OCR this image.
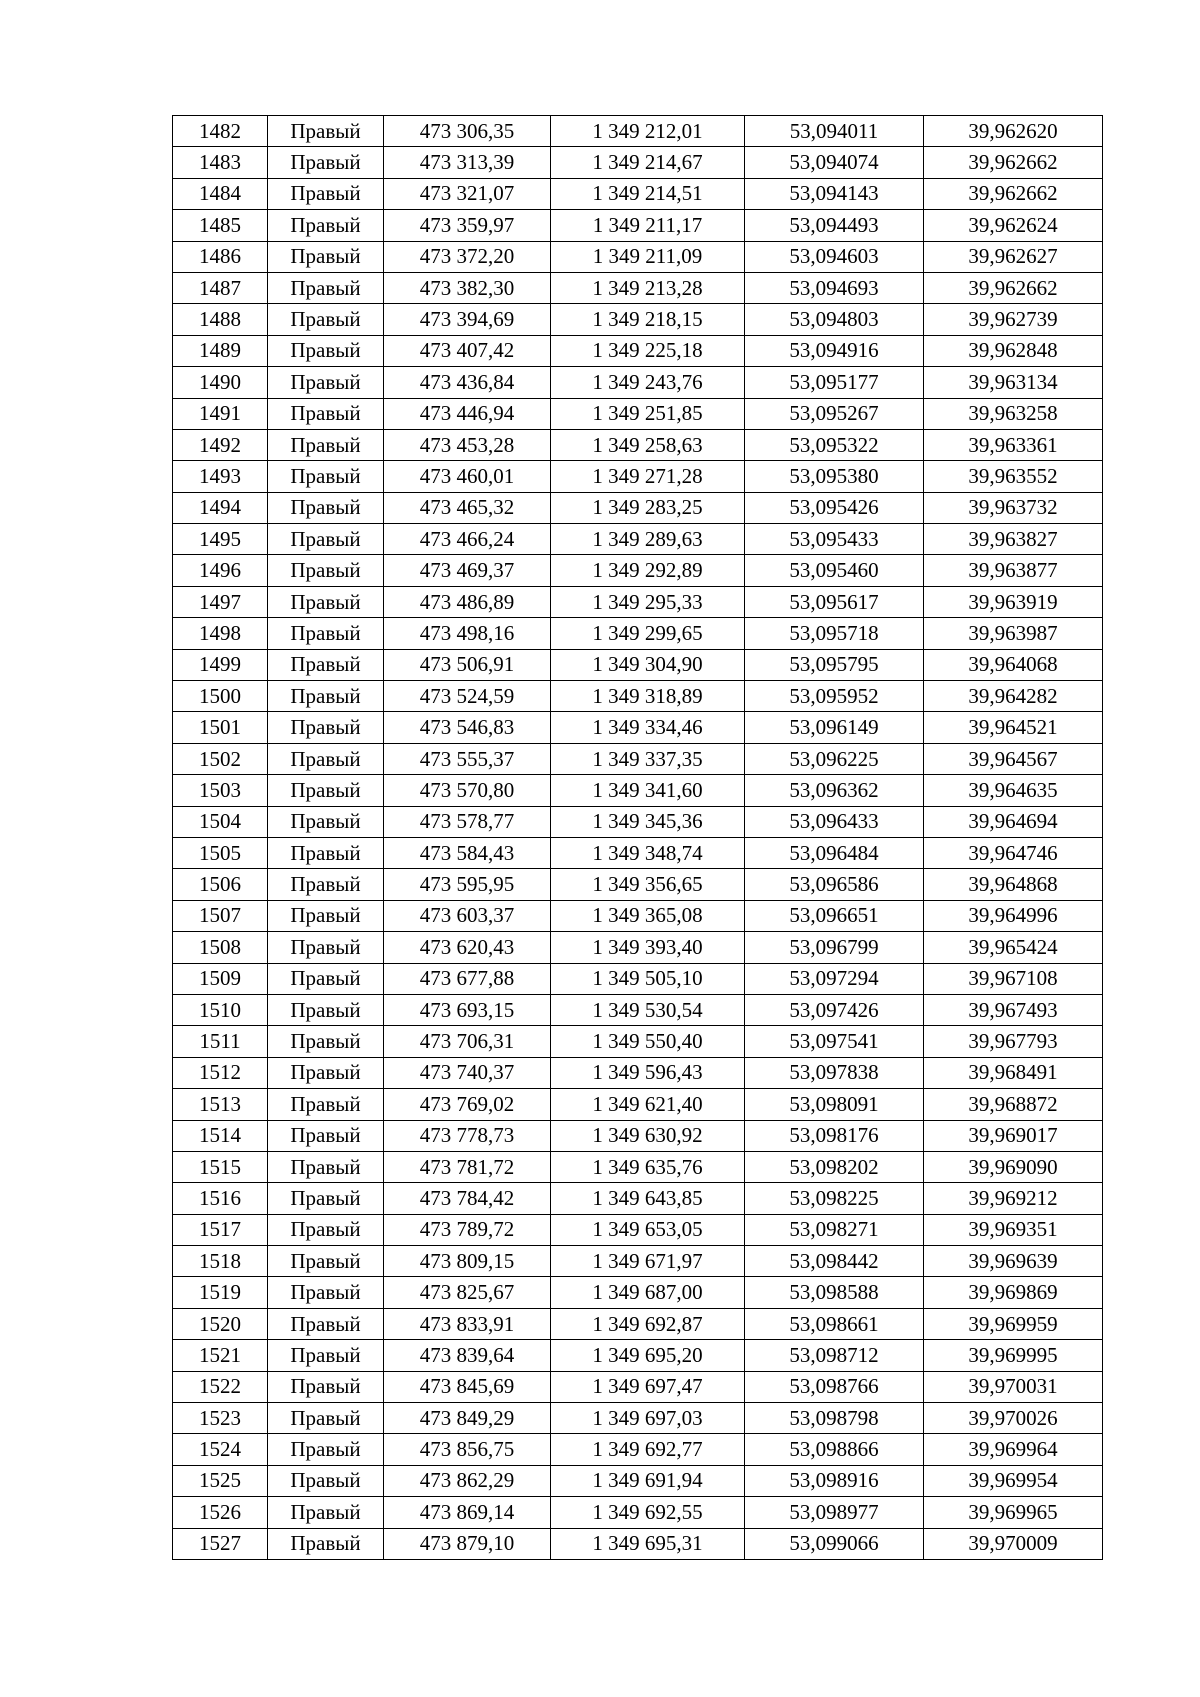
1482	Правый	473 306,35	1 349 212,01	53,094011	39,962620
1483	Правый	473 313,39	1 349 214,67	53,094074	39,962662
1484	Правый	473 321,07	1 349 214,51	53,094143	39,962662
1485	Правый	473 359,97	1 349 211,17	53,094493	39,962624
1486	Правый	473 372,20	1 349 211,09	53,094603	39,962627
1487	Правый	473 382,30	1 349 213,28	53,094693	39,962662
1488	Правый	473 394,69	1 349 218,15	53,094803	39,962739
1489	Правый	473 407,42	1 349 225,18	53,094916	39,962848
1490	Правый	473 436,84	1 349 243,76	53,095177	39,963134
1491	Правый	473 446,94	1 349 251,85	53,095267	39,963258
1492	Правый	473 453,28	1 349 258,63	53,095322	39,963361
1493	Правый	473 460,01	1 349 271,28	53,095380	39,963552
1494	Правый	473 465,32	1 349 283,25	53,095426	39,963732
1495	Правый	473 466,24	1 349 289,63	53,095433	39,963827
1496	Правый	473 469,37	1 349 292,89	53,095460	39,963877
1497	Правый	473 486,89	1 349 295,33	53,095617	39,963919
1498	Правый	473 498,16	1 349 299,65	53,095718	39,963987
1499	Правый	473 506,91	1 349 304,90	53,095795	39,964068
1500	Правый	473 524,59	1 349 318,89	53,095952	39,964282
1501	Правый	473 546,83	1 349 334,46	53,096149	39,964521
1502	Правый	473 555,37	1 349 337,35	53,096225	39,964567
1503	Правый	473 570,80	1 349 341,60	53,096362	39,964635
1504	Правый	473 578,77	1 349 345,36	53,096433	39,964694
1505	Правый	473 584,43	1 349 348,74	53,096484	39,964746
1506	Правый	473 595,95	1 349 356,65	53,096586	39,964868
1507	Правый	473 603,37	1 349 365,08	53,096651	39,964996
1508	Правый	473 620,43	1 349 393,40	53,096799	39,965424
1509	Правый	473 677,88	1 349 505,10	53,097294	39,967108
1510	Правый	473 693,15	1 349 530,54	53,097426	39,967493
1511	Правый	473 706,31	1 349 550,40	53,097541	39,967793
1512	Правый	473 740,37	1 349 596,43	53,097838	39,968491
1513	Правый	473 769,02	1 349 621,40	53,098091	39,968872
1514	Правый	473 778,73	1 349 630,92	53,098176	39,969017
1515	Правый	473 781,72	1 349 635,76	53,098202	39,969090
1516	Правый	473 784,42	1 349 643,85	53,098225	39,969212
1517	Правый	473 789,72	1 349 653,05	53,098271	39,969351
1518	Правый	473 809,15	1 349 671,97	53,098442	39,969639
1519	Правый	473 825,67	1 349 687,00	53,098588	39,969869
1520	Правый	473 833,91	1 349 692,87	53,098661	39,969959
1521	Правый	473 839,64	1 349 695,20	53,098712	39,969995
1522	Правый	473 845,69	1 349 697,47	53,098766	39,970031
1523	Правый	473 849,29	1 349 697,03	53,098798	39,970026
1524	Правый	473 856,75	1 349 692,77	53,098866	39,969964
1525	Правый	473 862,29	1 349 691,94	53,098916	39,969954
1526	Правый	473 869,14	1 349 692,55	53,098977	39,969965
1527	Правый	473 879,10	1 349 695,31	53,099066	39,970009
